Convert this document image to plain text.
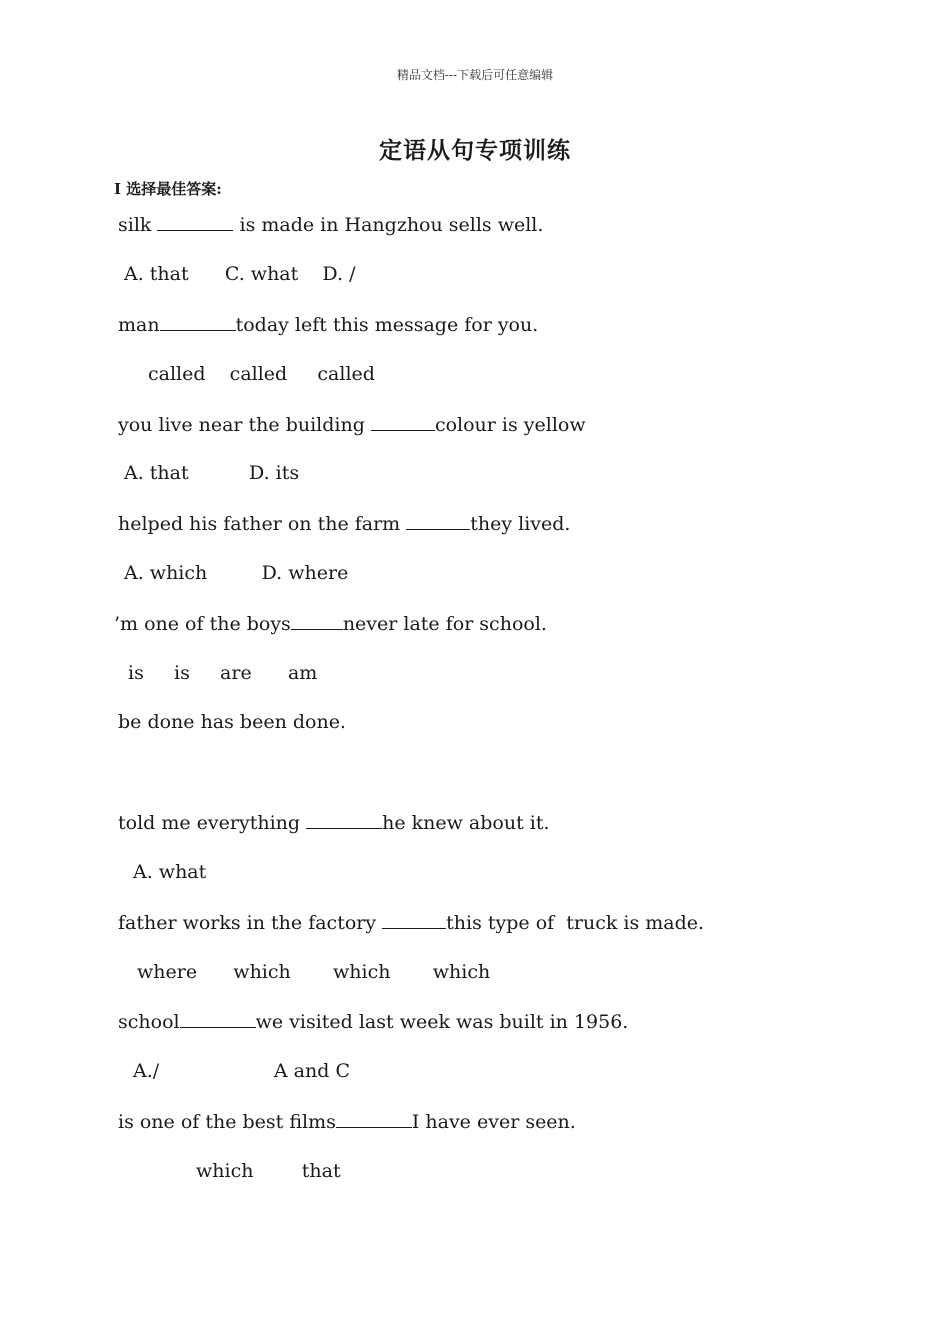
精品文档---下载后可任意编辑
定语从句专项训练
I 选择最佳答案:
silk	is made in Hangzhou sells well.
A. that      C. what    D. /
man	today left this message for you.
called    called     called
you live near the building	colour is yellow
A. that          D. its
helped his father on the farm	they lived.
A. which         D. where
’m one of the boys	never late for school.
is     is     are      am
be done has been done.
told me everything	he knew about it.
A. what
father works in the factory	this type of  truck is made.
where      which       which       which
school	we visited last week was built in 1956.
A./                   A and C
is one of the best films	I have ever seen.
which        that
